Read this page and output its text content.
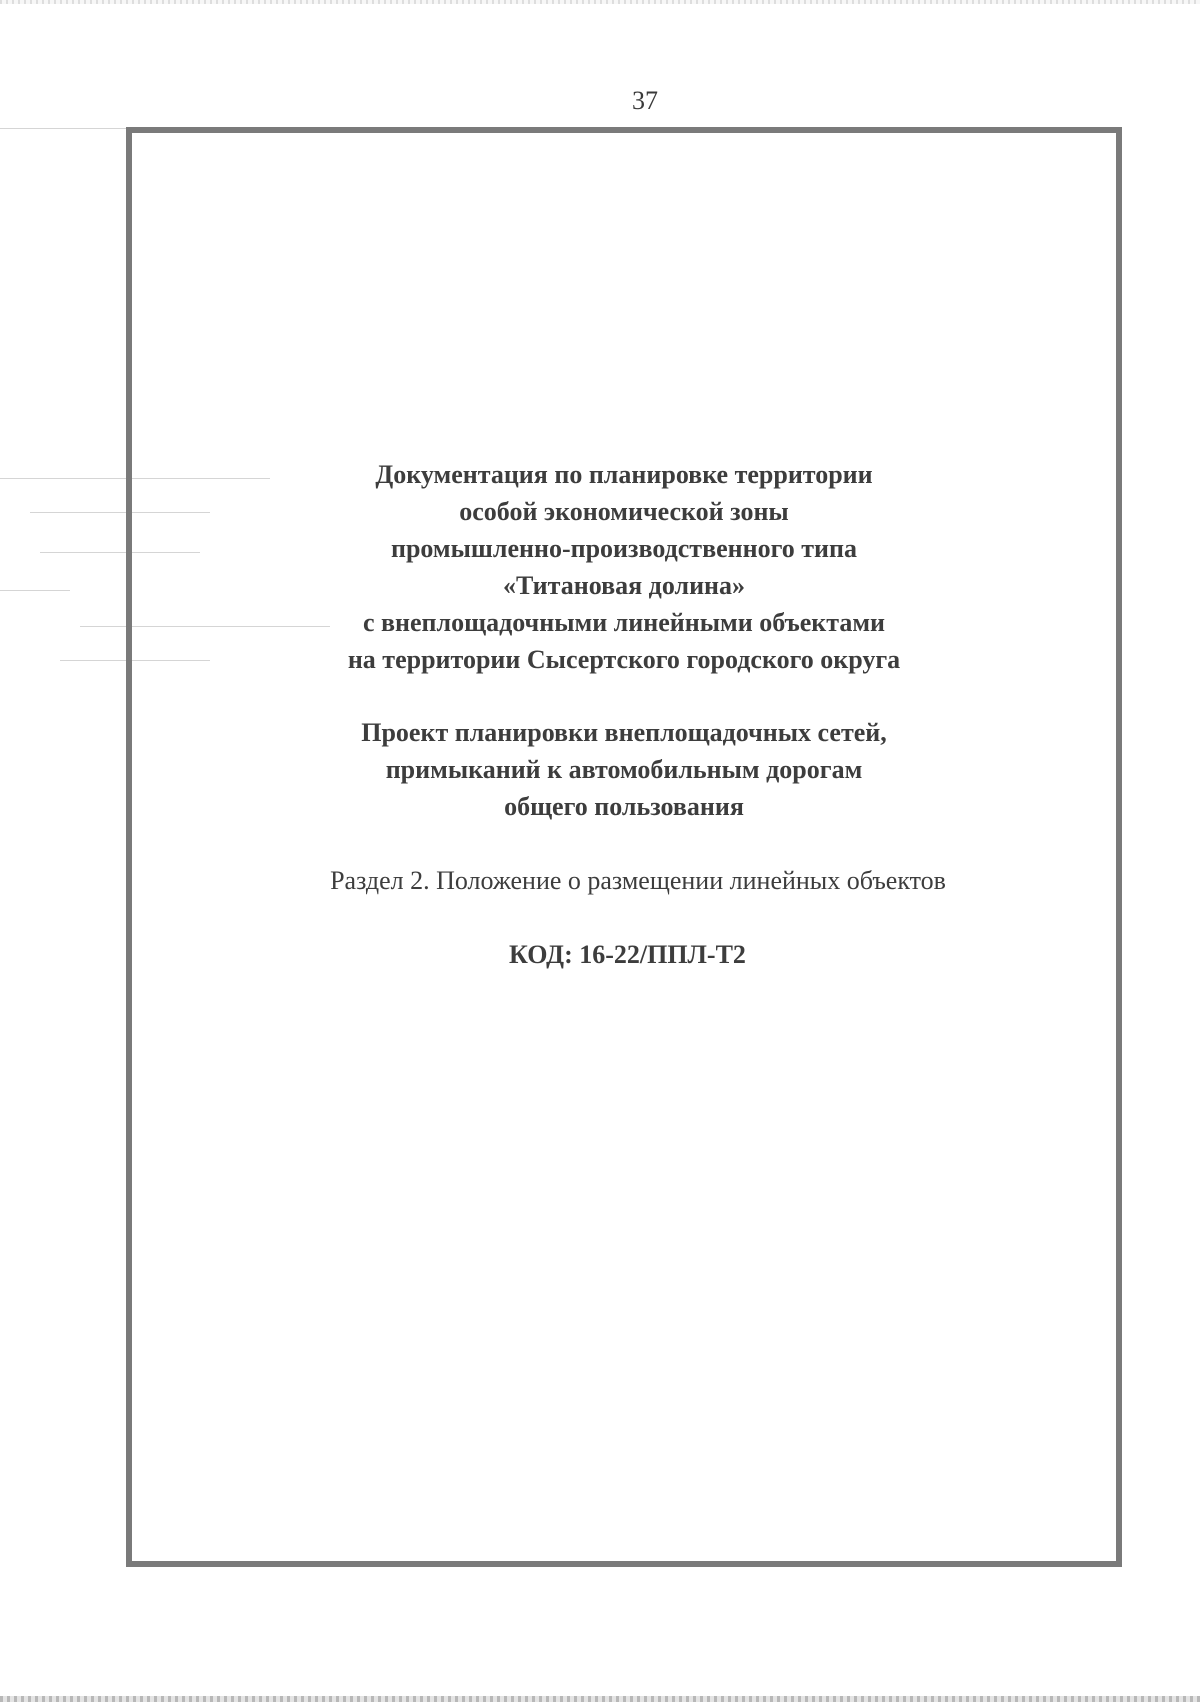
37
Документация по планировке территории
особой экономической зоны
промышленно-производственного типа
«Титановая долина»
с внеплощадочными линейными объектами
на территории Сысертского городского округа
Проект планировки внеплощадочных сетей,
примыканий к автомобильным дорогам
общего пользования
Раздел 2. Положение о размещении линейных объектов
КОД: 16-22/ППЛ-Т2
